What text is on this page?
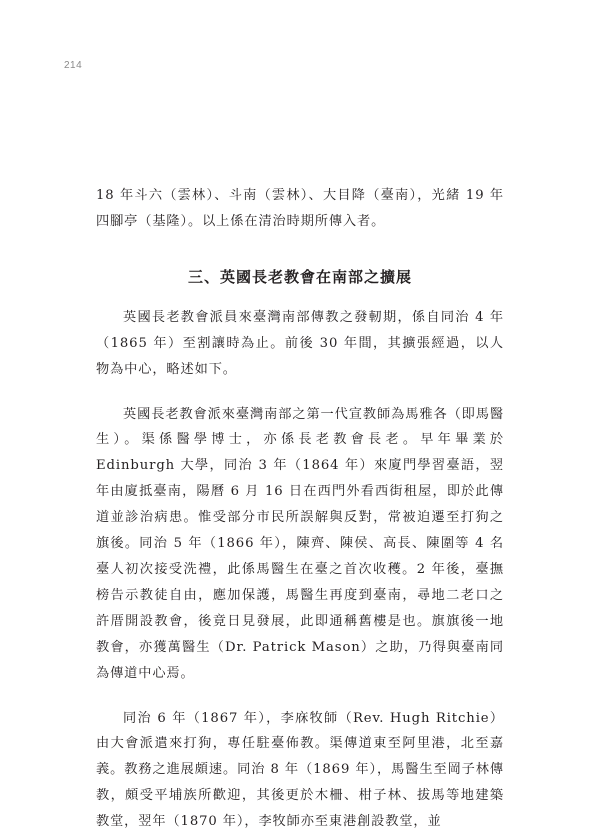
214

18 年斗六（雲林）、斗南（雲林）、大目降（臺南），光緒 19 年四腳亭（基隆）。以上係在清治時期所傳入者。

三、英國長老教會在南部之擴展

英國長老教會派員來臺灣南部傳教之發軔期，係自同治 4 年（1865 年）至割讓時為止。前後 30 年間，其擴張經過，以人物為中心，略述如下。

英國長老教會派來臺灣南部之第一代宣教師為馬雅各（即馬醫生）。渠係醫學博士，亦係長老教會長老。早年畢業於 Edinburgh 大學，同治 3 年（1864 年）來廈門學習臺語，翌年由廈抵臺南，陽曆 6 月 16 日在西門外看西街租屋，即於此傳道並診治病患。惟受部分市民所誤解與反對，常被迫遷至打狗之旗後。同治 5 年（1866 年），陳齊、陳侯、高長、陳圍等 4 名臺人初次接受洗禮，此係馬醫生在臺之首次收穫。2 年後，臺撫榜告示教徒自由，應加保護，馬醫生再度到臺南，尋地二老口之許厝開設教會，後竟日見發展，此即通稱舊樓是也。旗旗後一地教會，亦獲萬醫生（Dr. Patrick Mason）之助，乃得與臺南同為傳道中心焉。

同治 6 年（1867 年），李庥牧師（Rev. Hugh Ritchie）由大會派遣來打狗，專任駐臺佈教。渠傳道東至阿里港，北至嘉義。教務之進展頗速。同治 8 年（1869 年），馬醫生至岡子林傳教，頗受平埔族所歡迎，其後更於木柵、柑子林、拔馬等地建築教堂，翌年（1870 年），李牧師亦至東港創設教堂，並
